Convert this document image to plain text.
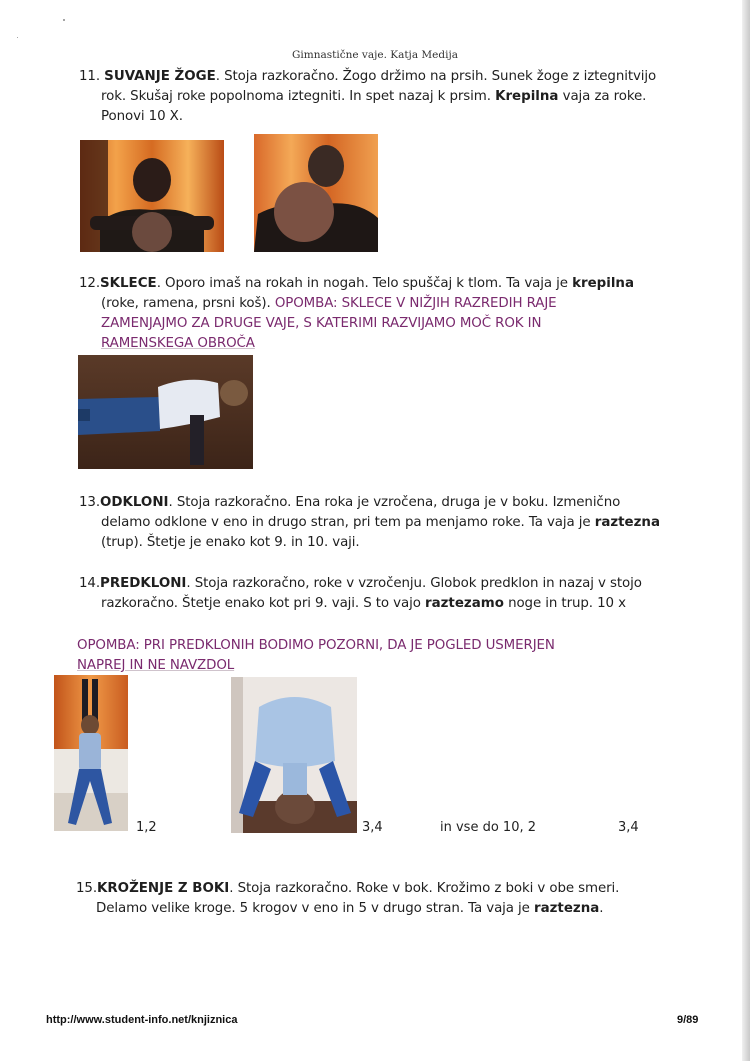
Gimnastične vaje. Katja Medija

11. SUVANJE ŽOGE. Stoja razkoračno. Žogo držimo na prsih. Sunek žoge z iztegnitvijo

rok. Skušaj roke popolnoma iztegniti. In spet nazaj k prsim. Krepilna vaja za roke.

Ponovi 10 X.

12.SKLECE. Oporo imaš na rokah in nogah. Telo spuščaj k tlom. Ta vaja je krepilna

(roke, ramena, prsni koš). OPOMBA: SKLECE V NIŽJIH RAZREDIH RAJE

ZAMENJAJMO ZA DRUGE VAJE, S KATERIMI RAZVIJAMO MOČ ROK IN

RAMENSKEGA OBROČA

13.ODKLONI. Stoja razkoračno. Ena roka je vzročena, druga je v boku. Izmenično

delamo odklone v eno in drugo stran, pri tem pa menjamo roke. Ta vaja je raztezna

(trup). Štetje je enako kot 9. in 10. vaji.

14.PREDKLONI. Stoja razkoračno, roke v vzročenju. Globok predklon in nazaj v stojo

razkoračno. Štetje enako kot pri 9. vaji. S to vajo raztezamo noge in trup. 10 x

OPOMBA: PRI PREDKLONIH BODIMO POZORNI, DA JE POGLED USMERJEN

NAPREJ IN NE NAVZDOL

1,2	3,4	in vse do 10, 2	3,4

15.KROŽENJE Z BOKI. Stoja razkoračno. Roke v bok. Krožimo z boki v obe smeri.

Delamo velike kroge. 5 krogov v eno in 5 v drugo stran. Ta vaja je raztezna.

http://www.student-info.net/knjiznica	9/89
